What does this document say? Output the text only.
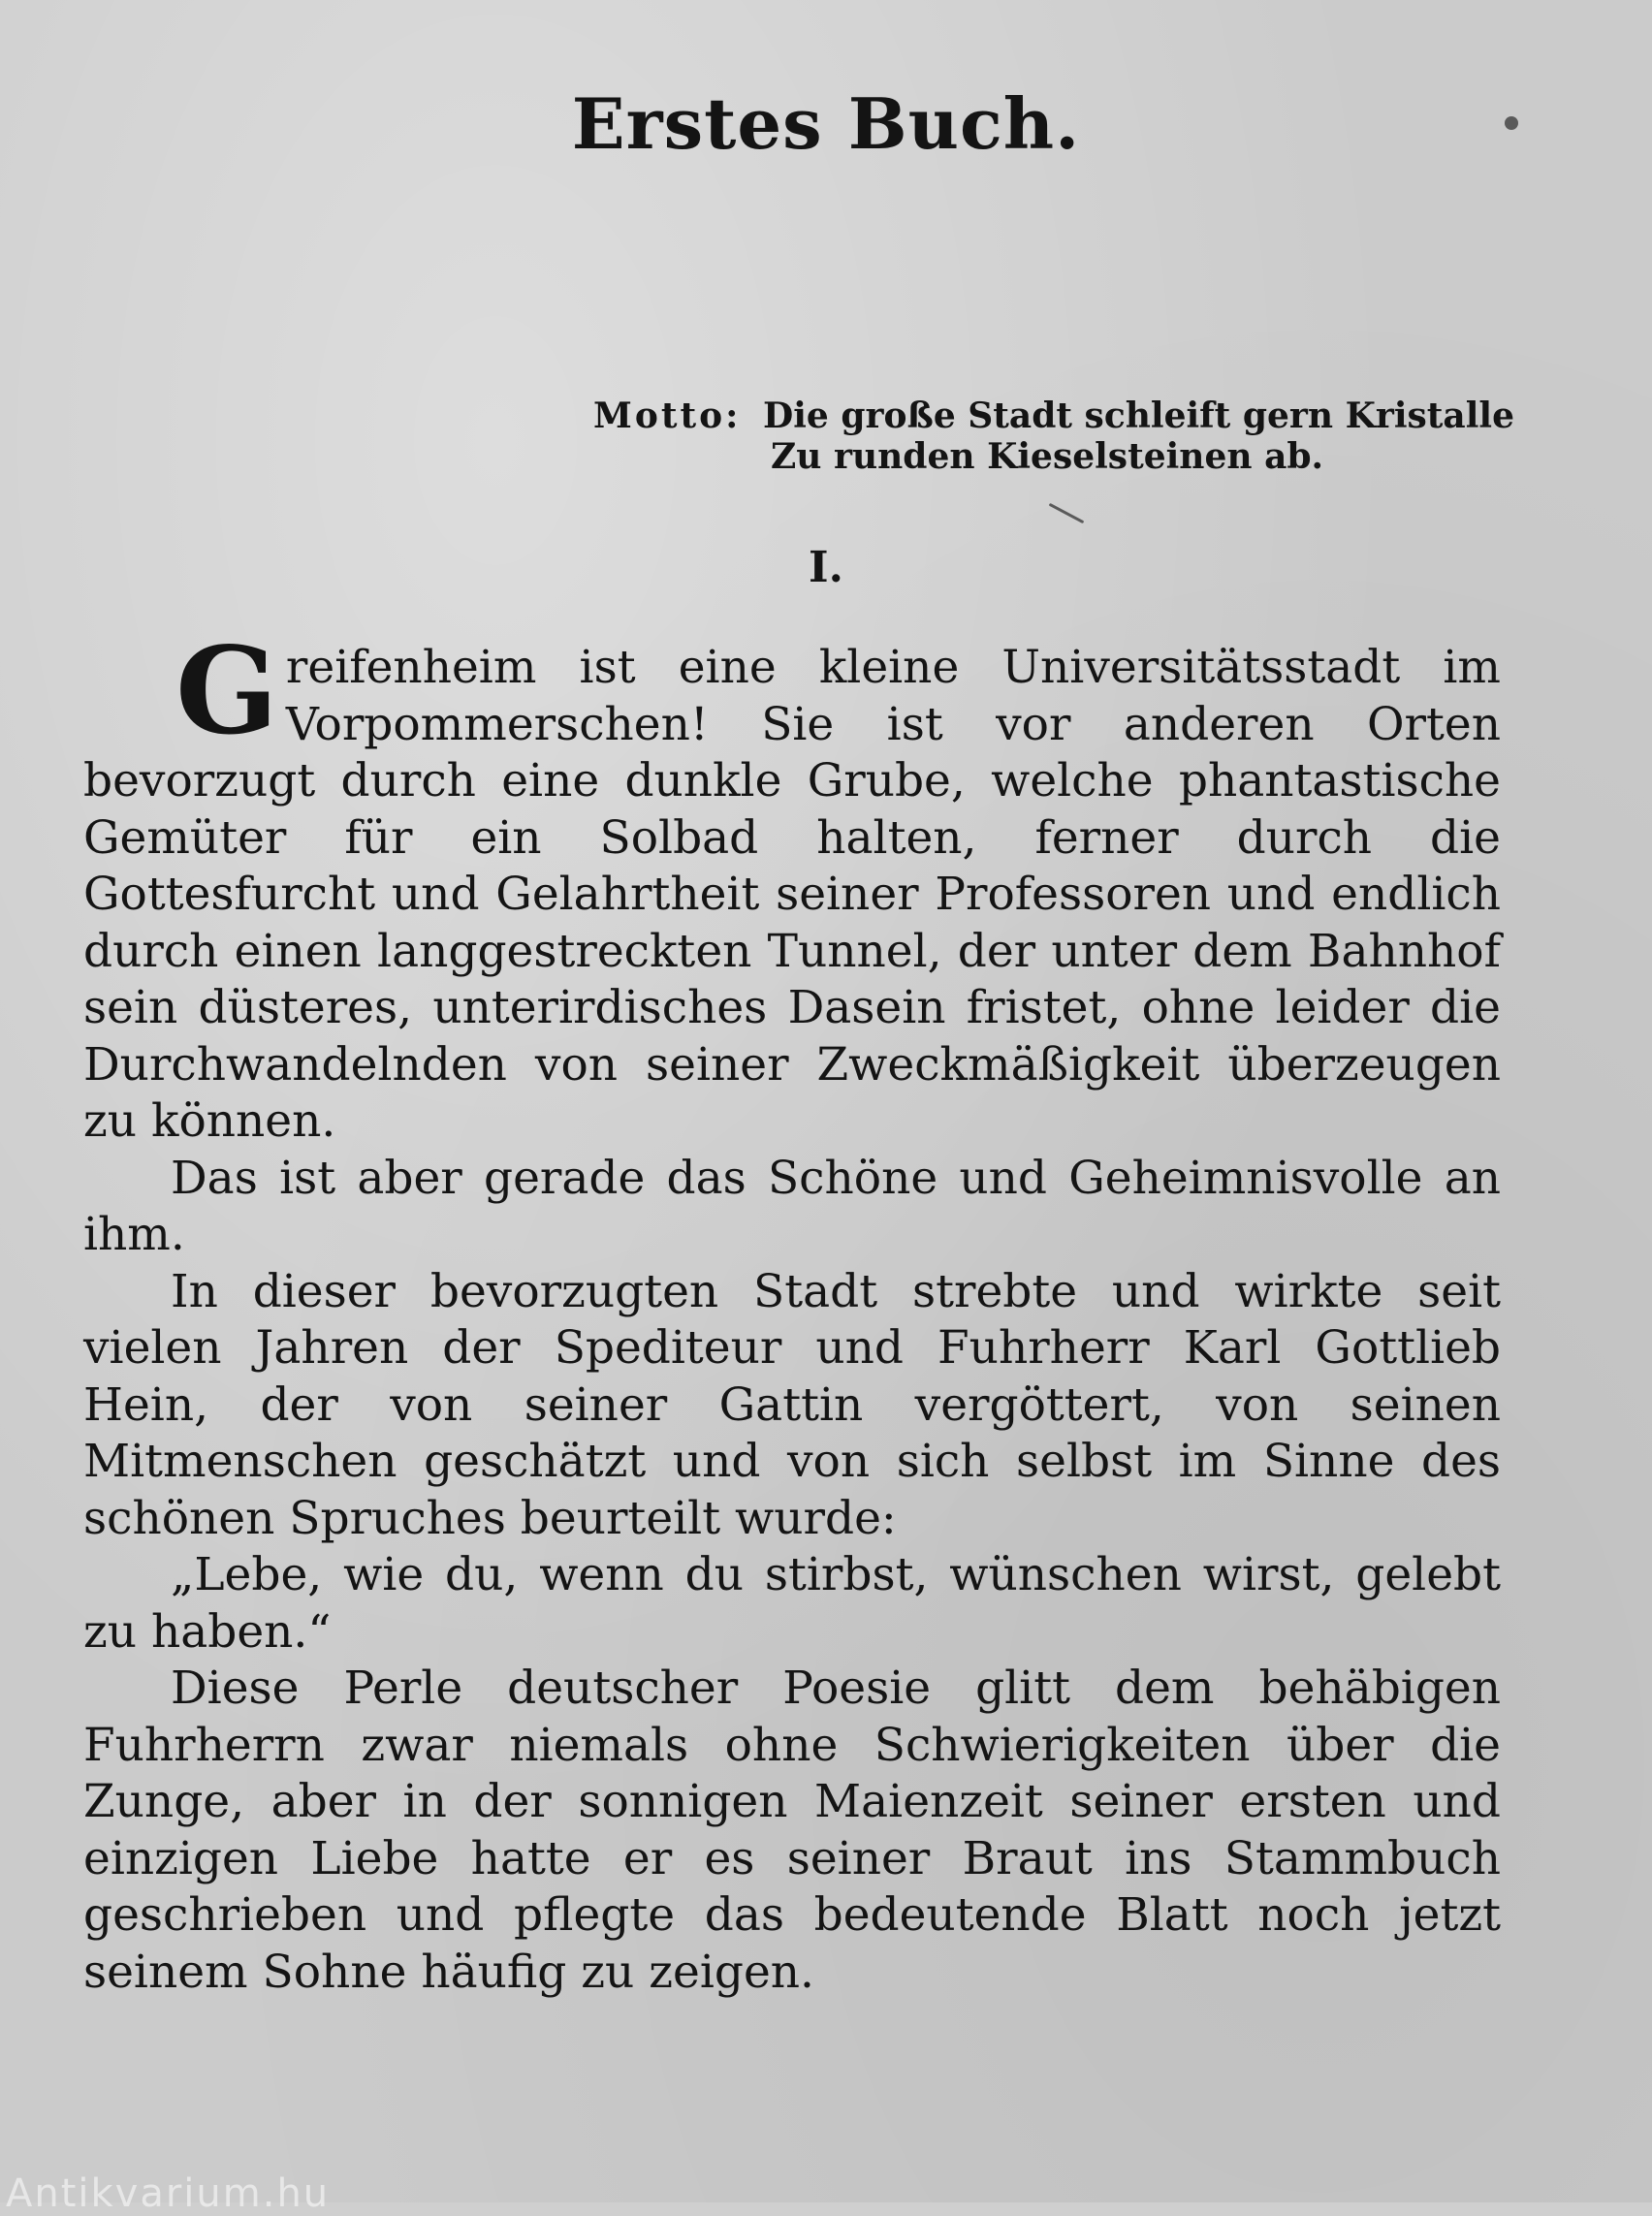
Erstes Buch.
Motto: Die große Stadt schleift gern Kristalle
Zu runden Kieselsteinen ab.
I.

Greifenheim ist eine kleine Universitätsstadt im Vorpommerschen! Sie ist vor anderen Orten bevorzugt durch eine dunkle Grube, welche phantastische Gemüter für ein Solbad halten, ferner durch die Gottesfurcht und Gelahrtheit seiner Professoren und endlich durch einen langgestreckten Tunnel, der unter dem Bahnhof sein düsteres, unterirdisches Dasein fristet, ohne leider die Durchwandelnden von seiner Zweckmäßigkeit überzeugen zu können.

Das ist aber gerade das Schöne und Geheimnisvolle an ihm.

In dieser bevorzugten Stadt strebte und wirkte seit vielen Jahren der Spediteur und Fuhrherr Karl Gottlieb Hein, der von seiner Gattin vergöttert, von seinen Mitmenschen geschätzt und von sich selbst im Sinne des schönen Spruches beurteilt wurde:

„Lebe, wie du, wenn du stirbst, wünschen wirst, gelebt zu haben.“

Diese Perle deutscher Poesie glitt dem behäbigen Fuhrherrn zwar niemals ohne Schwierigkeiten über die Zunge, aber in der sonnigen Maienzeit seiner ersten und einzigen Liebe hatte er es seiner Braut ins Stammbuch geschrieben und pflegte das bedeutende Blatt noch jetzt seinem Sohne häufig zu zeigen.

Antikvarium.hu
